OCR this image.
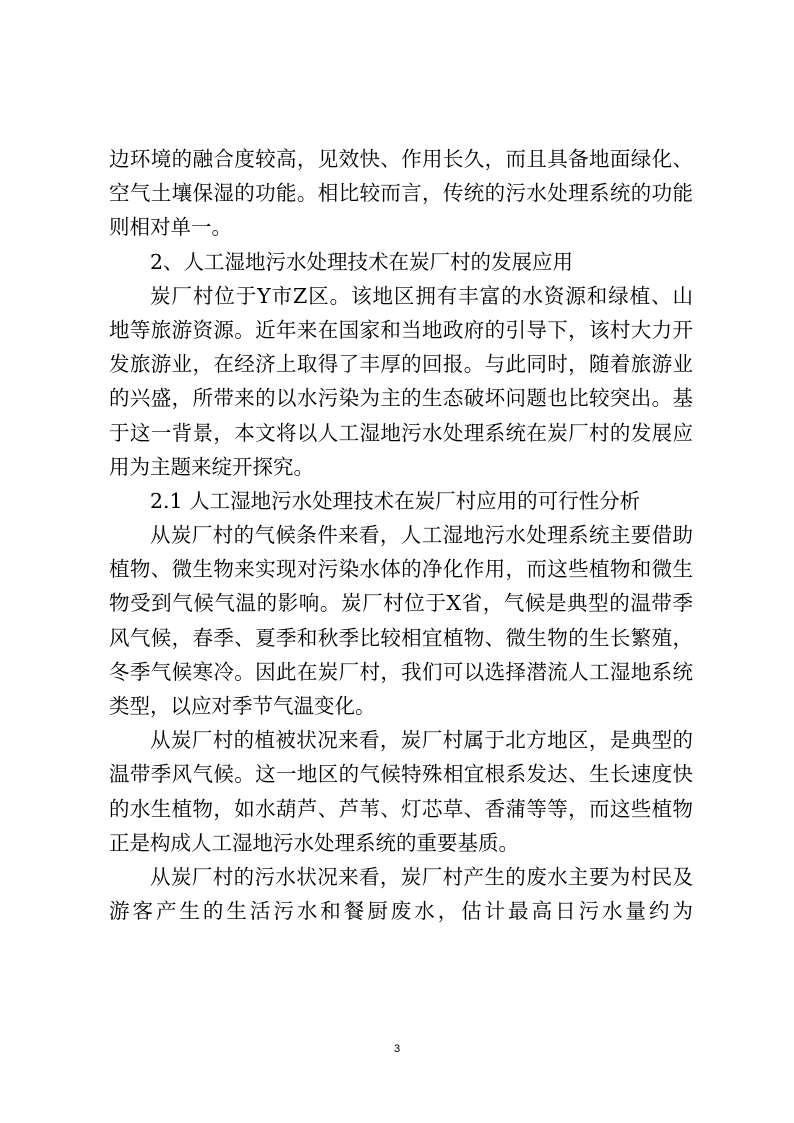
边环境的融合度较高，见效快、作用长久，而且具备地面绿化、
空气土壤保湿的功能。相比较而言，传统的污水处理系统的功能
则相对单一。
2、人工湿地污水处理技术在炭厂村的发展应用
炭厂村位于Y市Z区。该地区拥有丰富的水资源和绿植、山
地等旅游资源。近年来在国家和当地政府的引导下，该村大力开
发旅游业，在经济上取得了丰厚的回报。与此同时，随着旅游业
的兴盛，所带来的以水污染为主的生态破坏问题也比较突出。基
于这一背景，本文将以人工湿地污水处理系统在炭厂村的发展应
用为主题来绽开探究。
2.1 人工湿地污水处理技术在炭厂村应用的可行性分析
从炭厂村的气候条件来看，人工湿地污水处理系统主要借助
植物、微生物来实现对污染水体的净化作用，而这些植物和微生
物受到气候气温的影响。炭厂村位于X省，气候是典型的温带季
风气候，春季、夏季和秋季比较相宜植物、微生物的生长繁殖，
冬季气候寒冷。因此在炭厂村，我们可以选择潜流人工湿地系统
类型，以应对季节气温变化。
从炭厂村的植被状况来看，炭厂村属于北方地区，是典型的
温带季风气候。这一地区的气候特殊相宜根系发达、生长速度快
的水生植物，如水葫芦、芦苇、灯芯草、香蒲等等，而这些植物
正是构成人工湿地污水处理系统的重要基质。
从炭厂村的污水状况来看，炭厂村产生的废水主要为村民及
游客产生的生活污水和餐厨废水，估计最高日污水量约为
3
